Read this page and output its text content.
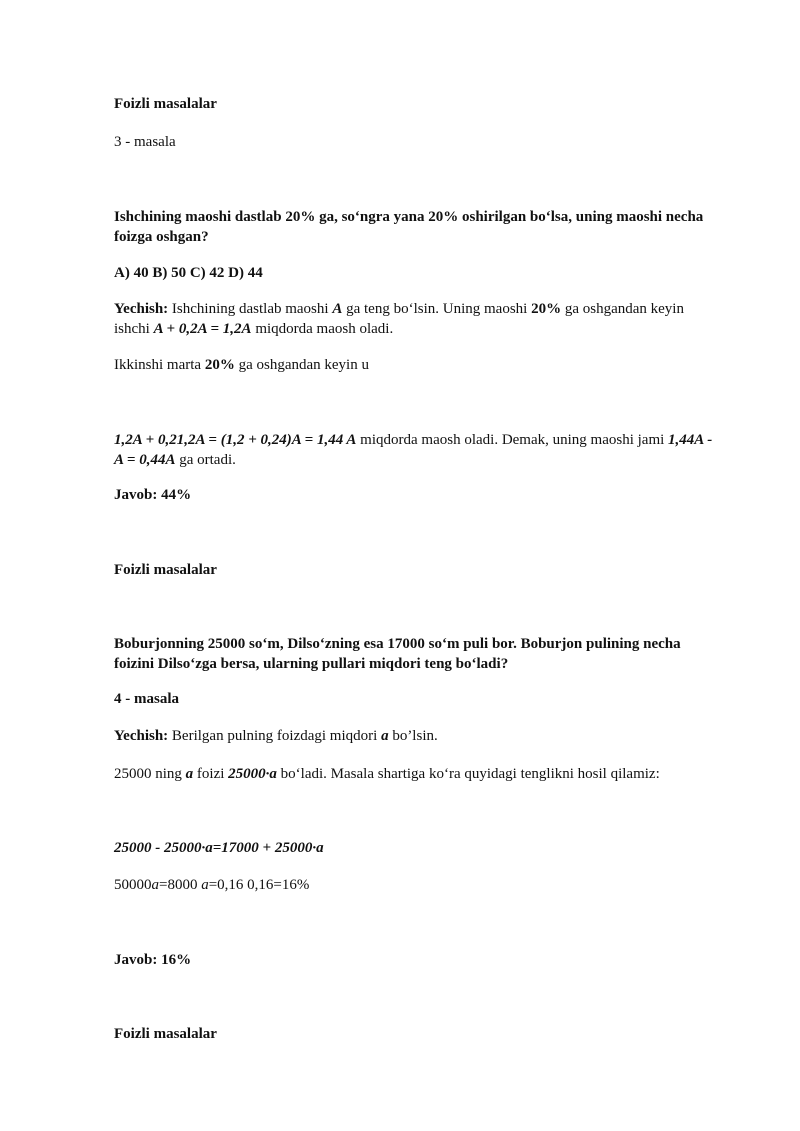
Foizli masalalar
3 - masala
Ishchining maoshi dastlab 20% ga, so‘ngra yana 20% oshirilgan bo‘lsa, uning maoshi necha foizga oshgan?
A) 40 B) 50 C) 42 D) 44
Yechish: Ishchining dastlab maoshi A ga teng bo‘lsin. Uning maoshi 20% ga oshgandan keyin ishchi A + 0,2A = 1,2A miqdorda maosh oladi.
Ikkinshi marta 20% ga oshgandan keyin u
1,2A + 0,21,2A = (1,2 + 0,24)A = 1,44 A miqdorda maosh oladi. Demak, uning maoshi jami 1,44A - A = 0,44A ga ortadi.
Javob: 44%
Foizli masalalar
Boburjonning 25000 so‘m, Dilso‘zning esa 17000 so‘m puli bor. Boburjon pulining necha foizini Dilso‘zga bersa, ularning pullari miqdori teng bo‘ladi?
4 - masala
Yechish: Berilgan pulning foizdagi miqdori a bo’lsin.
25000 ning a foizi 25000·a bo‘ladi. Masala shartiga ko‘ra quyidagi tenglikni hosil qilamiz:
25000 - 25000·a=17000 + 25000·a
50000a=8000 a=0,16 0,16=16%
Javob: 16%
Foizli masalalar
